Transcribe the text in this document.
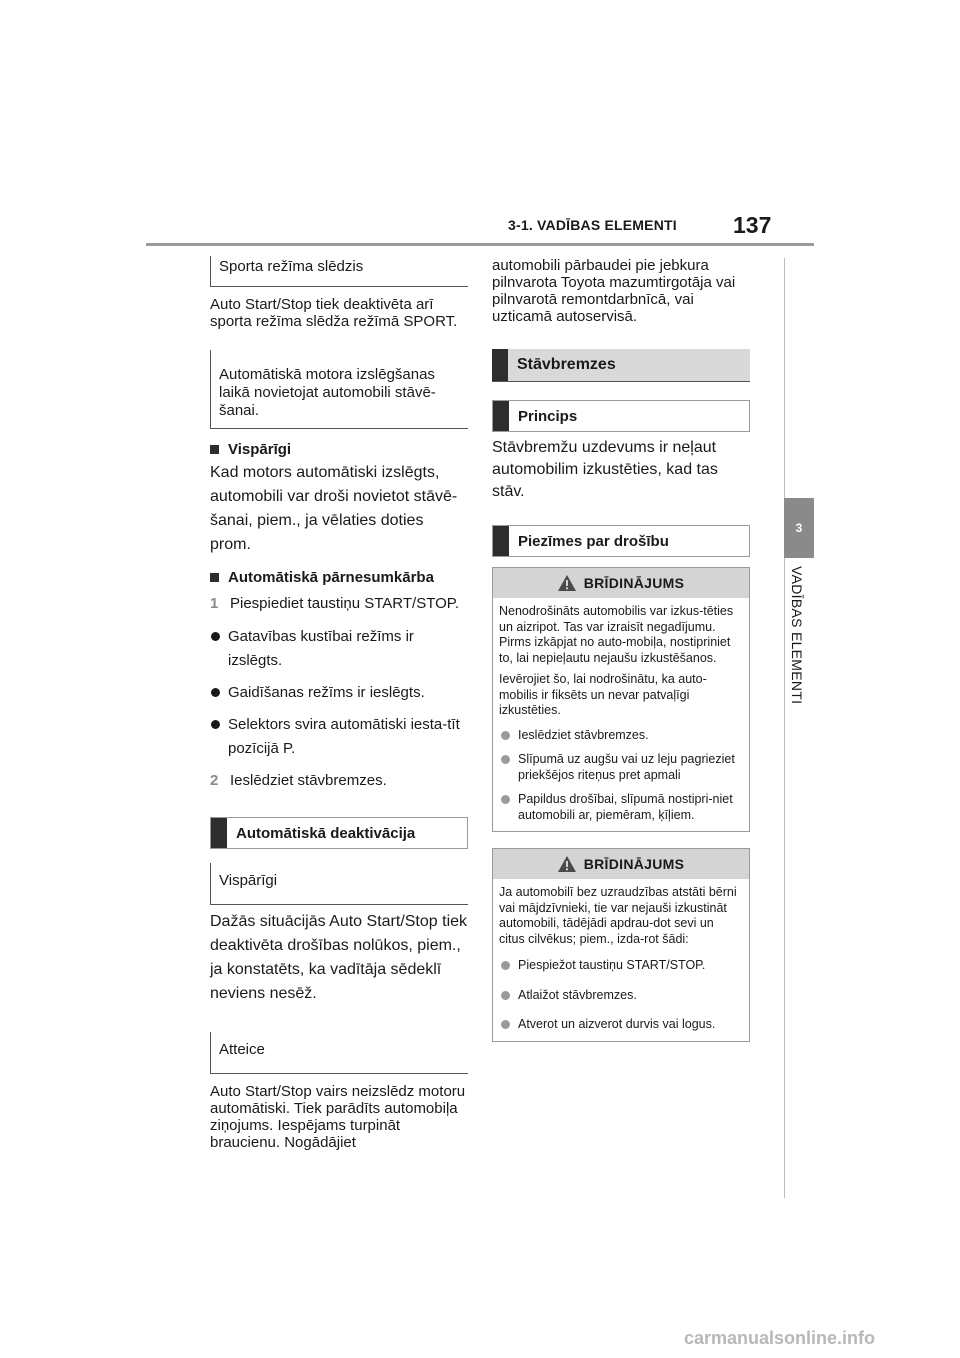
3-1. VADĪBAS ELEMENTI 137
3
VADĪBAS ELEMENTI
Sporta režīma slēdzis
Auto Start/Stop tiek deaktivēta arī sporta režīma slēdža režīmā SPORT.
Automātiskā motora izslēgšanas laikā novietojat automobili stāvē-šanai.
Vispārīgi
Kad motors automātiski izslēgts, automobili var droši novietot stāvē-šanai, piem., ja vēlaties doties prom.
Automātiskā pārnesumkārba
1 Piespiediet taustiņu START/STOP.
Gatavības kustībai režīms ir izslēgts.
Gaidīšanas režīms ir ieslēgts.
Selektors svira automātiski iesta-tīt pozīcijā P.
2 Ieslēdziet stāvbremzes.
Automātiskā deaktivācija
Vispārīgi
Dažās situācijās Auto Start/Stop tiek deaktivēta drošības nolūkos, piem., ja konstatēts, ka vadītāja sēdeklī neviens nesēž.
Atteice
Auto Start/Stop vairs neizslēdz motoru automātiski. Tiek parādīts automobiļa ziņojums. Iespējams turpināt braucienu. Nogādājiet
automobili pārbaudei pie jebkura pilnvarota Toyota mazumtirgotāja vai pilnvarotā remontdarbnīcā, vai uzticamā autoservisā.
Stāvbremzes
Princips
Stāvbremžu uzdevums ir neļaut automobilim izkustēties, kad tas stāv.
Piezīmes par drošību
BRĪDINĀJUMS

Nenodrošināts automobilis var izkus-tēties un aizripot. Tas var izraisīt negadījumu. Pirms izkāpjat no auto-mobiļa, nostipriniet to, lai nepieļautu nejaušu izkustēšanos.

Ievērojiet šo, lai nodrošinātu, ka auto-mobilis ir fiksēts un nevar patvaļīgi izkustēties.

Ieslēdziet stāvbremzes.
Slīpumā uz augšu vai uz leju pagrieziet priekšējos riteņus pret apmali
Papildus drošībai, slīpumā nostipri-niet automobili ar, piemēram, ķīļiem.
BRĪDINĀJUMS

Ja automobilī bez uzraudzības atstāti bērni vai mājdzīvnieki, tie var nejauši izkustināt automobili, tādējādi apdrau-dot sevi un citus cilvēkus; piem., izda-rot šādi:

Piespiežot taustiņu START/STOP.
Atlaižot stāvbremzes.
Atverot un aizverot durvis vai logus.
carmanualsonline.info
